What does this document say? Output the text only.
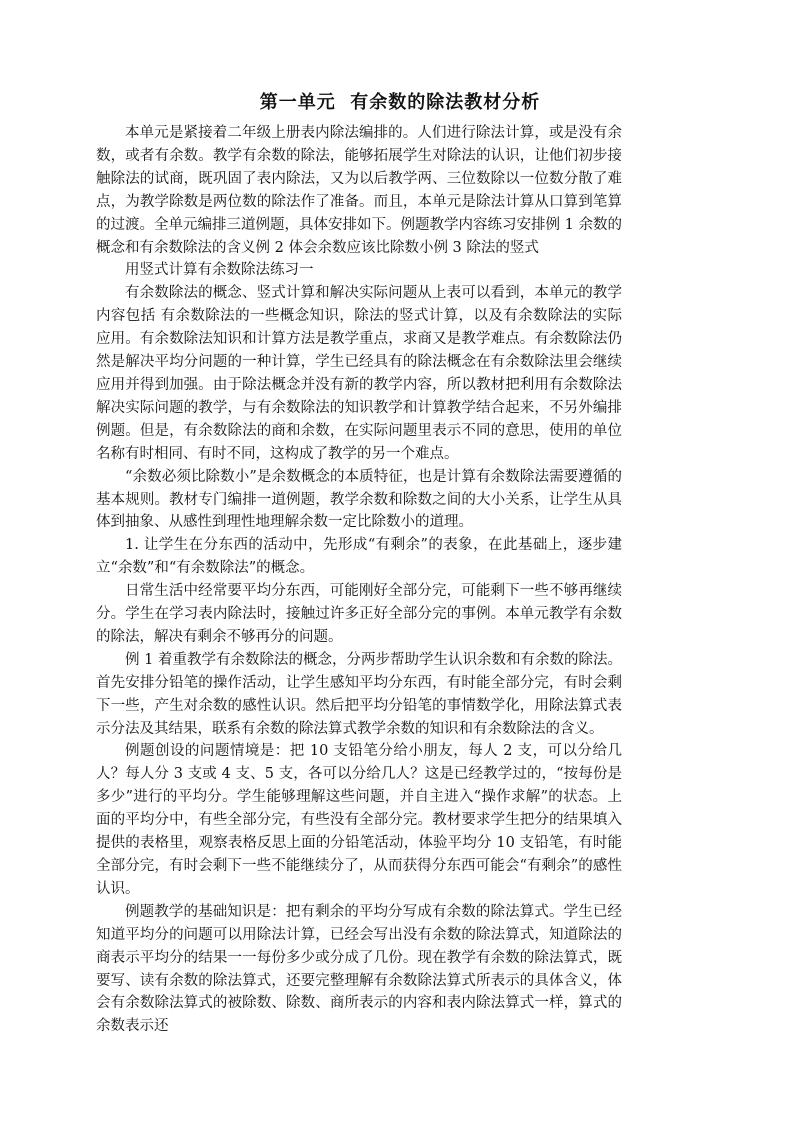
第一单元  有余数的除法教材分析

本单元是紧接着二年级上册表内除法编排的。人们进行除法计算，或是没有余数，或者有余数。教学有余数的除法，能够拓展学生对除法的认识，让他们初步接触除法的试商，既巩固了表内除法，又为以后教学两、三位数除以一位数分散了难点，为教学除数是两位数的除法作了准备。而且，本单元是除法计算从口算到笔算的过渡。全单元编排三道例题，具体安排如下。例题教学内容练习安排例 1 余数的概念和有余数除法的含义例 2 体会余数应该比除数小例 3 除法的竖式

用竖式计算有余数除法练习一

有余数除法的概念、竖式计算和解决实际问题从上表可以看到，本单元的教学内容包括 有余数除法的一些概念知识，除法的竖式计算，以及有余数除法的实际应用。有余数除法知识和计算方法是教学重点，求商又是教学难点。有余数除法仍然是解决平均分问题的一种计算，学生已经具有的除法概念在有余数除法里会继续应用并得到加强。由于除法概念并没有新的教学内容，所以教材把利用有余数除法解决实际问题的教学，与有余数除法的知识教学和计算教学结合起来，不另外编排例题。但是，有余数除法的商和余数，在实际问题里表示不同的意思，使用的单位名称有时相同、有时不同，这构成了教学的另一个难点。

“余数必须比除数小”是余数概念的本质特征，也是计算有余数除法需要遵循的基本规则。教材专门编排一道例题，教学余数和除数之间的大小关系，让学生从具体到抽象、从感性到理性地理解余数一定比除数小的道理。

1. 让学生在分东西的活动中，先形成“有剩余”的表象，在此基础上，逐步建立“余数”和“有余数除法”的概念。

日常生活中经常要平均分东西，可能刚好全部分完，可能剩下一些不够再继续分。学生在学习表内除法时，接触过许多正好全部分完的事例。本单元教学有余数的除法，解决有剩余不够再分的问题。

例 1 着重教学有余数除法的概念，分两步帮助学生认识余数和有余数的除法。首先安排分铅笔的操作活动，让学生感知平均分东西，有时能全部分完，有时会剩下一些，产生对余数的感性认识。然后把平均分铅笔的事情数学化，用除法算式表示分法及其结果，联系有余数的除法算式教学余数的知识和有余数除法的含义。

例题创设的问题情境是：把 10 支铅笔分给小朋友，每人 2 支，可以分给几人？每人分 3 支或 4 支、5 支，各可以分给几人？这是已经教学过的，“按每份是多少”进行的平均分。学生能够理解这些问题，并自主进入“操作求解”的状态。上面的平均分中，有些全部分完，有些没有全部分完。教材要求学生把分的结果填入提供的表格里，观察表格反思上面的分铅笔活动，体验平均分 10 支铅笔，有时能全部分完，有时会剩下一些不能继续分了，从而获得分东西可能会“有剩余”的感性认识。

例题教学的基础知识是：把有剩余的平均分写成有余数的除法算式。学生已经知道平均分的问题可以用除法计算，已经会写出没有余数的除法算式，知道除法的商表示平均分的结果一一每份多少或分成了几份。现在教学有余数的除法算式，既要写、读有余数的除法算式，还要完整理解有余数除法算式所表示的具体含义，体会有余数除法算式的被除数、除数、商所表示的内容和表内除法算式一样，算式的余数表示还
